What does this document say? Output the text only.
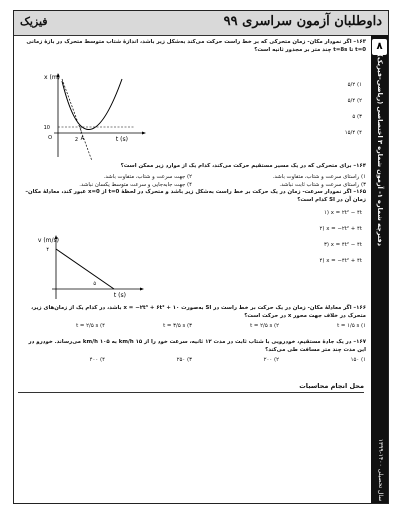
داوطلبان آزمون سراسری ۹۹
فیزیک
۸
دفترچه شماره ۱- آزمون شماره ۳ اختصاصی (ریاضی-فیزیک)
سال تحصیلی ۱۴۰۰-۱۳۹۹
۱۶۳– اگر نمودار مکان- زمان متحرکی که بر خط راست حرکت می‌کند به‌شکل زیر باشد، اندازهٔ شتاب متوسط متحرک در بازهٔ زمانی t=0 تا t=8s چند متر بر مجذور ثانیه است؟
x (m)
t (s)
10
2 A
O
۱) ۵/۲
۲) ۵/۴
۳) ۵
۴) ۱۵/۴
۱۶۴– برای متحرکی که در یک مسیر مستقیم حرکت می‌کند، کدام یک از موارد زیر ممکن است؟
۱) راستای سرعت و شتاب، متفاوت باشد.
۲) جهت سرعت و شتاب، متفاوت باشد.
۳) راستای سرعت و شتاب ثابت نباشد.
۴) جهت جابه‌جایی و سرعت متوسط یکسان نباشد.
۱۶۵– اگر نمودار سرعت- زمان در یک حرکت بر خط راست به‌شکل زیر باشد و متحرک در لحظهٔ t=0 از x=0 عبور کند، معادلهٔ مکان– زمان آن در SI کدام است؟
v (m/s)
t (s)
۴
۵
۱) x = ۲t² − ۴t
۲) x = −۲t² + ۴t
۳) x = ۴t² − ۴t
۴) x = −۴t² + ۴t
۱۶۶– اگر معادلهٔ مکان- زمان در یک حرکت بر خط راست در SI به‌صورت x = −۲t³ + ۶t² + ۱۰ باشد، در کدام یک از زمان‌های زیر، متحرک در خلاف جهت محور x در حرکت است؟
۱) t = ۱/۵ s
۲) t = ۲/۵ s
۳) t = ۳/۵ s
۴) t = ۲/۵ s
۱۶۷– در یک جادهٔ مستقیم، خودرویی با شتاب ثابت در مدت ۱۲ ثانیه، سرعت خود را از ۱۵ km/h به ۱۰۵ km/h می‌رساند. خودرو در این مدت چند متر مسافت طی می‌کند؟
۱) ۱۵۰
۲) ۲۰۰
۳) ۲۵۰
۴) ۴۰۰
محل انجام محاسبات
